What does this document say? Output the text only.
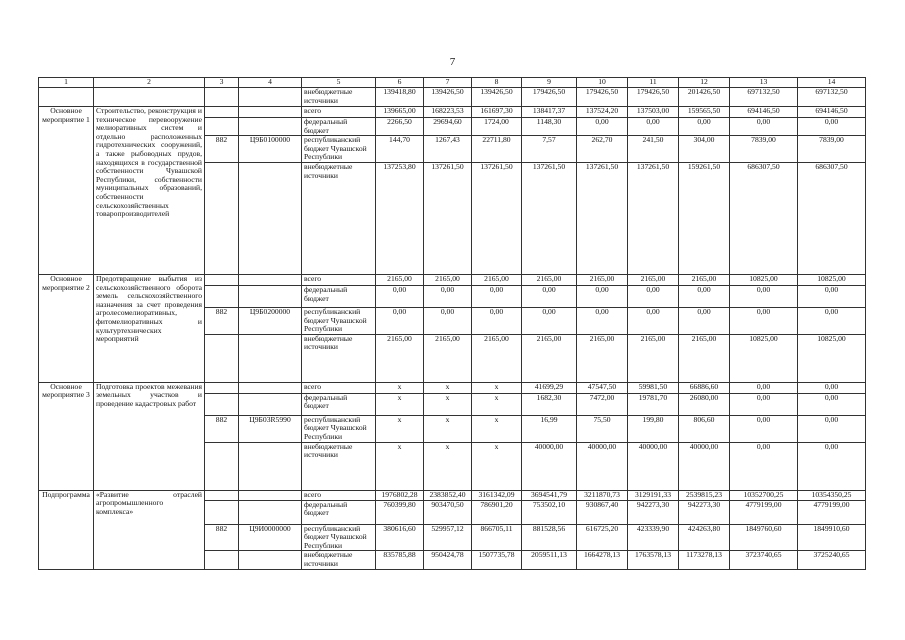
7
1	2	3	4	5	6	7	8	9	10	11	12	13	14
				внебюджетные источники	139418,80	139426,50	139426,50	179426,50	179426,50	179426,50	201426,50	697132,50	697132,50
Основное мероприятие 1	Строительство, реконструкция и техническое перевооружение мелиоративных систем и отдельно расположенных гидротехнических сооружений, а также рыбоводных прудов, находящихся в государственной собственности Чувашской Республики, собственности муниципальных образований, собственности сельскохозяйственных товаропроизводителей			всего	139665,00	168223,53	161697,30	138417,37	137524,20	137503,00	159565,50	694146,50	694146,50
				федеральный бюджет	2266,50	29694,60	1724,00	1148,30	0,00	0,00	0,00	0,00	0,00
		882	Ц9Б0100000	республиканский бюджет Чувашской Республики	144,70	1267,43	22711,80	7,57	262,70	241,50	304,00	7839,00	7839,00
				внебюджетные источники	137253,80	137261,50	137261,50	137261,50	137261,50	137261,50	159261,50	686307,50	686307,50
Основное мероприятие 2	Предотвращение выбытия из сельскохозяйственного оборота земель сельскохозяйственного назначения за счет проведения агролесомелиоративных, фитомелиоративных и культуртехнических мероприятий			всего	2165,00	2165,00	2165,00	2165,00	2165,00	2165,00	2165,00	10825,00	10825,00
				федеральный бюджет	0,00	0,00	0,00	0,00	0,00	0,00	0,00	0,00	0,00
		882	Ц9Б0200000	республиканский бюджет Чувашской Республики	0,00	0,00	0,00	0,00	0,00	0,00	0,00	0,00	0,00
				внебюджетные источники	2165,00	2165,00	2165,00	2165,00	2165,00	2165,00	2165,00	10825,00	10825,00
Основное мероприятие 3	Подготовка проектов межевания земельных участков и проведение кадастровых работ			всего	x	x	x	41699,29	47547,50	59981,50	66886,60	0,00	0,00
				федеральный бюджет	x	x	x	1682,30	7472,00	19781,70	26080,00	0,00	0,00
		882	Ц9Б03R5990	республиканский бюджет Чувашской Республики	x	x	x	16,99	75,50	199,80	806,60	0,00	0,00
				внебюджетные источники	x	x	x	40000,00	40000,00	40000,00	40000,00	0,00	0,00
Подпрограмма	«Развитие отраслей агропромышленного комплекса»			всего	1976802,28	2383852,40	3161342,09	3694541,79	3211870,73	3129191,33	2539815,23	10352700,25	10354350,25
				федеральный бюджет	760399,80	903470,50	786901,20	753502,10	930867,40	942273,30	942273,30	4779199,00	4779199,00
		882	Ц9И0000000	республиканский бюджет Чувашской Республики	380616,60	529957,12	866705,11	881528,56	616725,20	423339,90	424263,80	1849760,60	1849910,60
				внебюджетные источники	835785,88	950424,78	1507735,78	2059511,13	1664278,13	1763578,13	1173278,13	3723740,65	3725240,65
